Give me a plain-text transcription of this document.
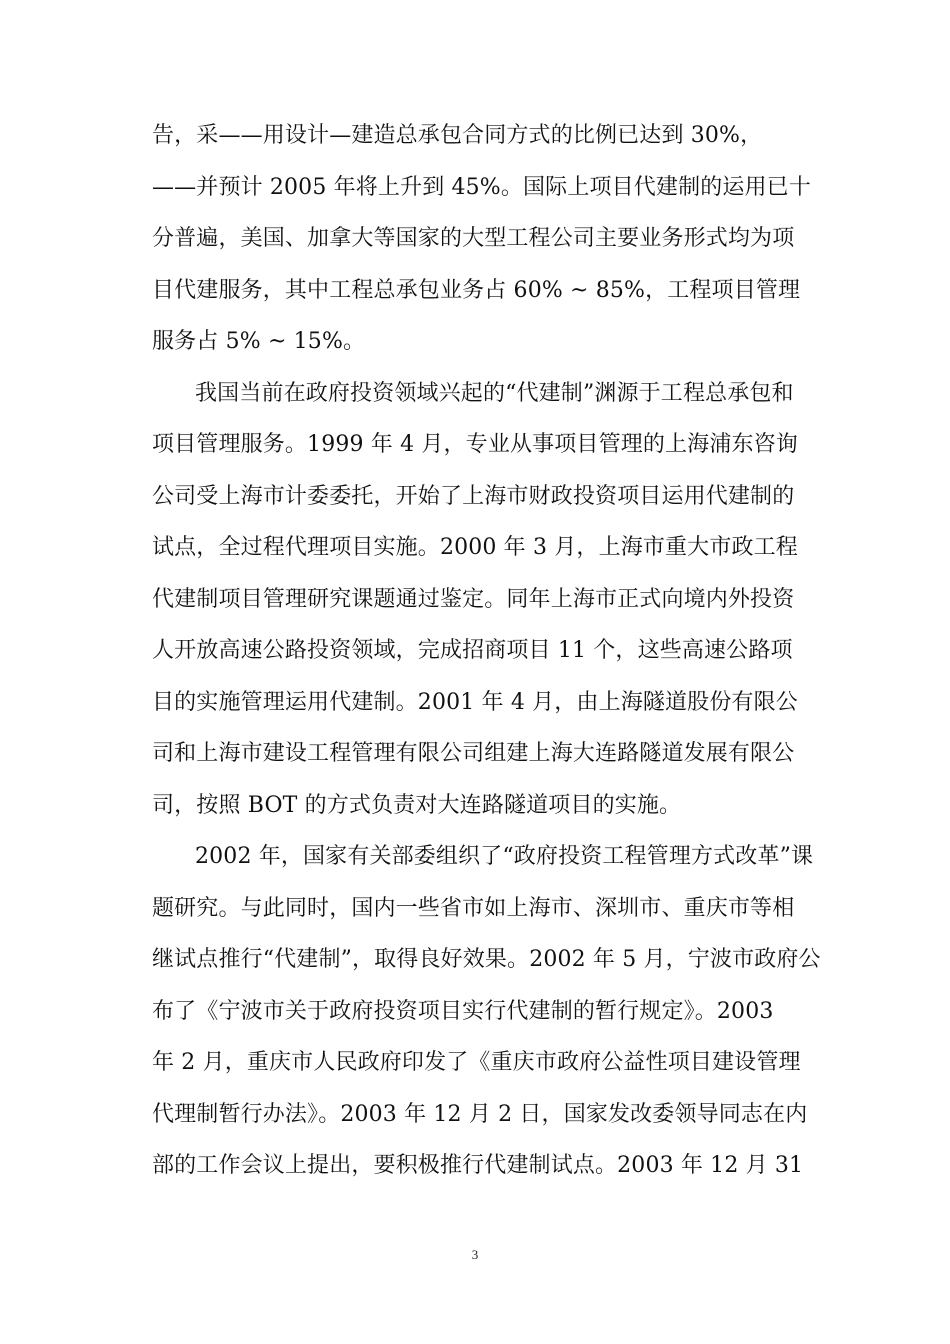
告，采——用设计—建造总承包合同方式的比例已达到 30%，
——并预计 2005 年将上升到 45%。国际上项目代建制的运用已十
分普遍，美国、加拿大等国家的大型工程公司主要业务形式均为项
目代建服务，其中工程总承包业务占 60% ~ 85%，工程项目管理
服务占 5% ~ 15%。
我国当前在政府投资领域兴起的“代建制”渊源于工程总承包和
项目管理服务。1999 年 4 月，专业从事项目管理的上海浦东咨询
公司受上海市计委委托，开始了上海市财政投资项目运用代建制的
试点，全过程代理项目实施。2000 年 3 月，上海市重大市政工程
代建制项目管理研究课题通过鉴定。同年上海市正式向境内外投资
人开放高速公路投资领域，完成招商项目 11 个，这些高速公路项
目的实施管理运用代建制。2001 年 4 月，由上海隧道股份有限公
司和上海市建设工程管理有限公司组建上海大连路隧道发展有限公
司，按照 BOT 的方式负责对大连路隧道项目的实施。
2002 年，国家有关部委组织了“政府投资工程管理方式改革”课
题研究。与此同时，国内一些省市如上海市、深圳市、重庆市等相
继试点推行“代建制”，取得良好效果。2002 年 5 月，宁波市政府公
布了《宁波市关于政府投资项目实行代建制的暂行规定》。2003
年 2 月，重庆市人民政府印发了《重庆市政府公益性项目建设管理
代理制暂行办法》。2003 年 12 月 2 日，国家发改委领导同志在内
部的工作会议上提出，要积极推行代建制试点。2003 年 12 月 31
3
